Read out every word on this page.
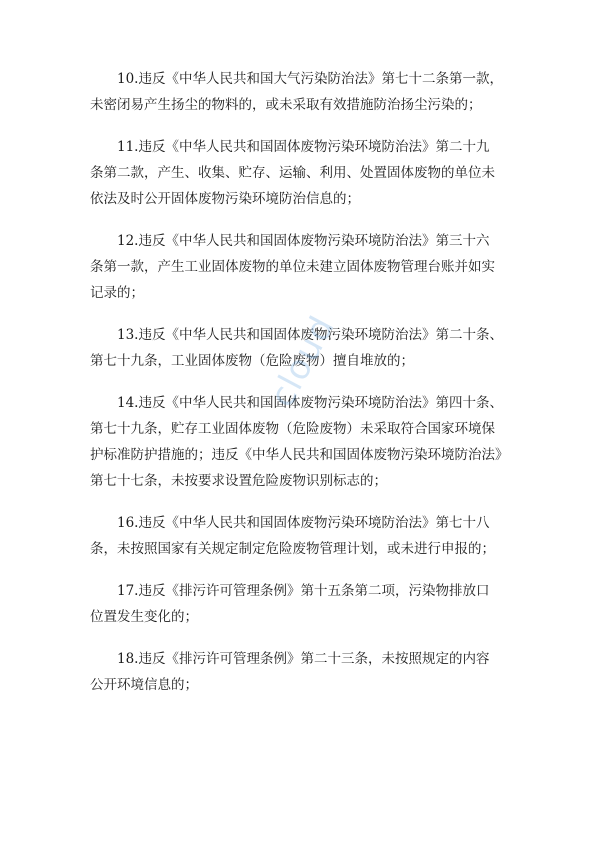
10.违反《中华人民共和国大气污染防治法》第七十二条第一款，
未密闭易产生扬尘的物料的，或未采取有效措施防治扬尘污染的；

11.违反《中华人民共和国固体废物污染环境防治法》第二十九
条第二款，产生、收集、贮存、运输、利用、处置固体废物的单位未
依法及时公开固体废物污染环境防治信息的；

12.违反《中华人民共和国固体废物污染环境防治法》第三十六
条第一款，产生工业固体废物的单位未建立固体废物管理台账并如实
记录的；

13.违反《中华人民共和国固体废物污染环境防治法》第二十条、
第七十九条，工业固体废物（危险废物）擅自堆放的；

14.违反《中华人民共和国固体废物污染环境防治法》第四十条、
第七十九条，贮存工业固体废物（危险废物）未采取符合国家环境保
护标准防护措施的；违反《中华人民共和国固体废物污染环境防治法》
第七十七条，未按要求设置危险废物识别标志的；

16.违反《中华人民共和国固体废物污染环境防治法》第七十八
条，未按照国家有关规定制定危险废物管理计划，或未进行申报的；

17.违反《排污许可管理条例》第十五条第二项，污染物排放口
位置发生变化的；

18.违反《排污许可管理条例》第二十三条，未按照规定的内容
公开环境信息的；

cloud
